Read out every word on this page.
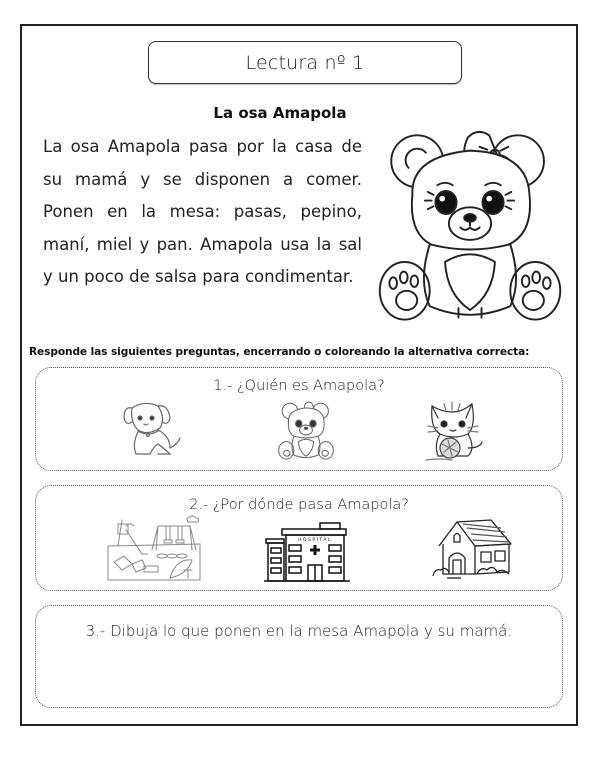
Lectura nº 1
La osa Amapola
La osa Amapola pasa por la casa de su mamá y se disponen a comer. Ponen en la mesa: pasas, pepino, maní, miel y pan. Amapola usa la sal y un poco de salsa para condimentar.
Responde las siguientes preguntas, encerrando o coloreando la alternativa correcta:
1.- ¿Quién es Amapola?
2.- ¿Por dónde pasa Amapola?
HOSPITAL
3.- Dibuja lo que ponen en la mesa Amapola y su mamá:
